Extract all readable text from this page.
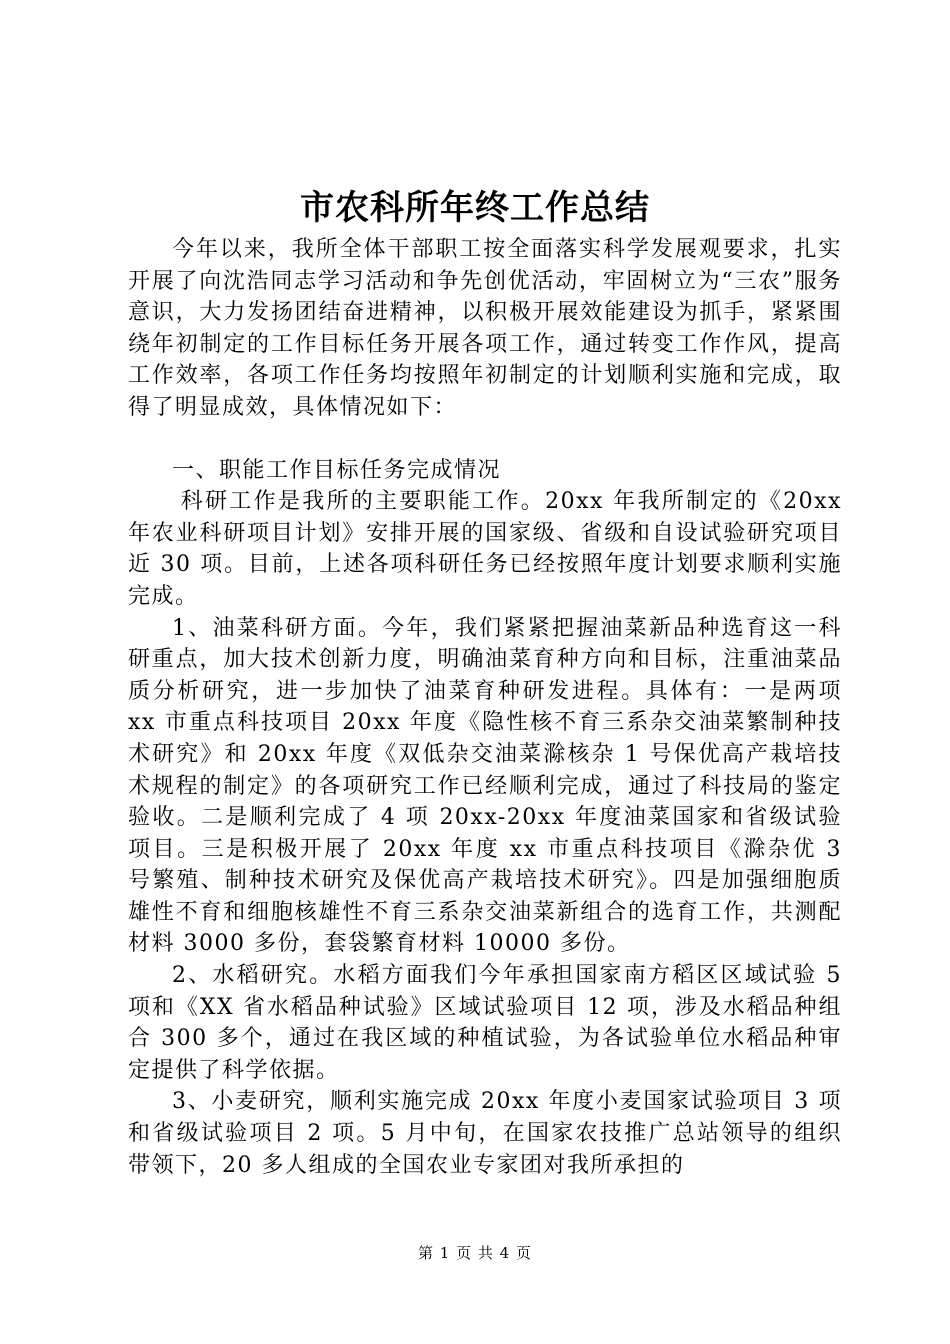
市农科所年终工作总结

今年以来，我所全体干部职工按全面落实科学发展观要求，扎实开展了向沈浩同志学习活动和争先创优活动，牢固树立为“三农”服务意识，大力发扬团结奋进精神，以积极开展效能建设为抓手，紧紧围绕年初制定的工作目标任务开展各项工作，通过转变工作作风，提高工作效率，各项工作任务均按照年初制定的计划顺利实施和完成，取得了明显成效，具体情况如下：

一、职能工作目标任务完成情况

科研工作是我所的主要职能工作。20xx 年我所制定的《20xx 年农业科研项目计划》安排开展的国家级、省级和自设试验研究项目近 30 项。目前，上述各项科研任务已经按照年度计划要求顺利实施完成。

1、油菜科研方面。今年，我们紧紧把握油菜新品种选育这一科研重点，加大技术创新力度，明确油菜育种方向和目标，注重油菜品质分析研究，进一步加快了油菜育种研发进程。具体有：一是两项 xx 市重点科技项目 20xx 年度《隐性核不育三系杂交油菜繁制种技术研究》和 20xx 年度《双低杂交油菜滁核杂 1 号保优高产栽培技术规程的制定》的各项研究工作已经顺利完成，通过了科技局的鉴定验收。二是顺利完成了 4 项 20xx-20xx 年度油菜国家和省级试验项目。三是积极开展了 20xx 年度 xx 市重点科技项目《滁杂优 3 号繁殖、制种技术研究及保优高产栽培技术研究》。四是加强细胞质雄性不育和细胞核雄性不育三系杂交油菜新组合的选育工作，共测配材料 3000 多份，套袋繁育材料 10000 多份。

2、水稻研究。水稻方面我们今年承担国家南方稻区区域试验 5 项和《XX 省水稻品种试验》区域试验项目 12 项，涉及水稻品种组合 300 多个，通过在我区域的种植试验，为各试验单位水稻品种审定提供了科学依据。

3、小麦研究，顺利实施完成 20xx 年度小麦国家试验项目 3 项和省级试验项目 2 项。5 月中旬，在国家农技推广总站领导的组织带领下，20 多人组成的全国农业专家团对我所承担的

第 1 页 共 4 页
